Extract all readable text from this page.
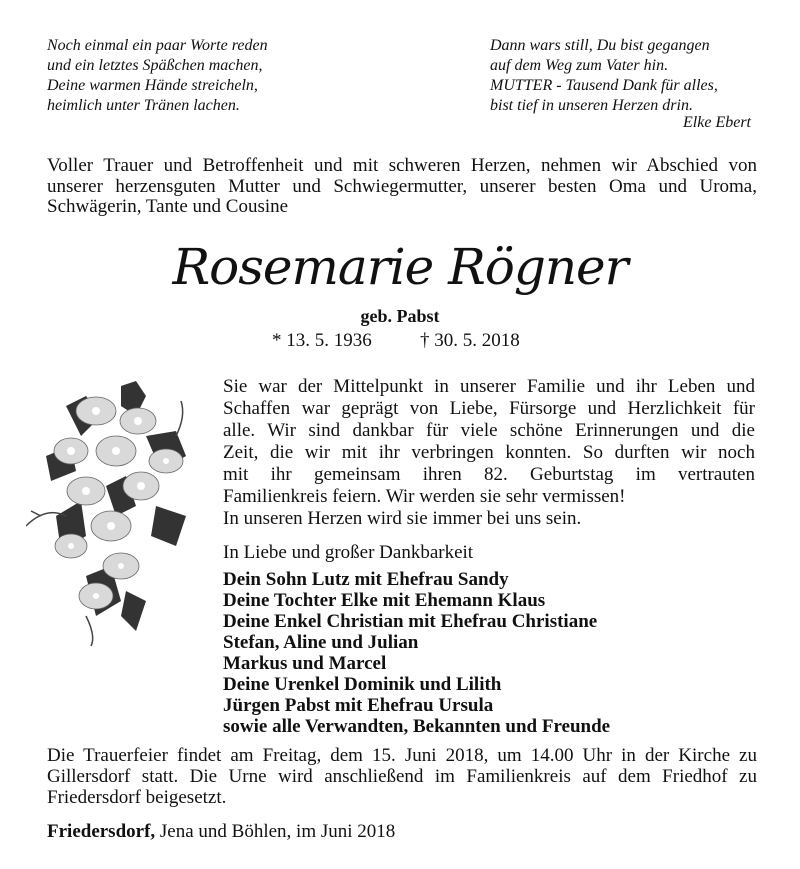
Noch einmal ein paar Worte reden
und ein letztes Späßchen machen,
Deine warmen Hände streicheln,
heimlich unter Tränen lachen.
Dann wars still, Du bist gegangen
auf dem Weg zum Vater hin.
MUTTER - Tausend Dank für alles,
bist tief in unseren Herzen drin.
Elke Ebert
Voller Trauer und Betroffenheit und mit schweren Herzen, nehmen wir Abschied von
unserer herzensguten Mutter und Schwiegermutter, unserer besten Oma und Uroma,
Schwägerin, Tante und Cousine
Rosemarie Rögner
geb. Pabst
* 13. 5. 1936	† 30. 5. 2018
Sie war der Mittelpunkt in unserer Familie und ihr Leben und
Schaffen war geprägt von Liebe, Fürsorge und Herzlichkeit für
alle. Wir sind dankbar für viele schöne Erinnerungen und die
Zeit, die wir mit ihr verbringen konnten. So durften wir noch
mit ihr gemeinsam ihren 82. Geburtstag im vertrauten
Familienkreis feiern. Wir werden sie sehr vermissen!
In unseren Herzen wird sie immer bei uns sein.
In Liebe und großer Dankbarkeit
Dein Sohn Lutz mit Ehefrau Sandy
Deine Tochter Elke mit Ehemann Klaus
Deine Enkel Christian mit Ehefrau Christiane
Stefan, Aline und Julian
Markus und Marcel
Deine Urenkel Dominik und Lilith
Jürgen Pabst mit Ehefrau Ursula
sowie alle Verwandten, Bekannten und Freunde
Die Trauerfeier findet am Freitag, dem 15. Juni 2018, um 14.00 Uhr in der Kirche zu
Gillersdorf statt. Die Urne wird anschließend im Familienkreis auf dem Friedhof zu
Friedersdorf beigesetzt.
Friedersdorf, Jena und Böhlen, im Juni 2018
